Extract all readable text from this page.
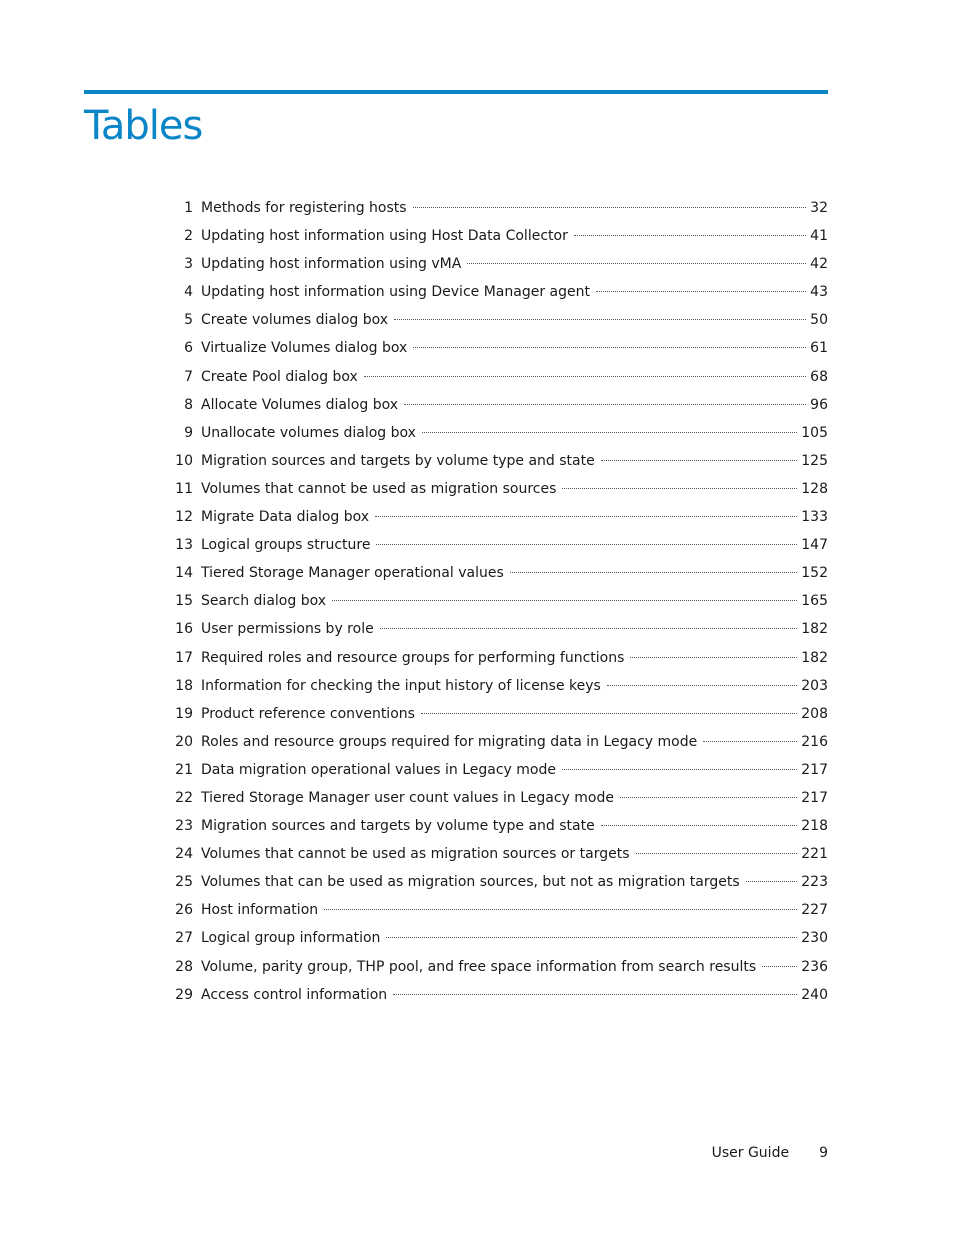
Tables
1 Methods for registering hosts	32
2 Updating host information using Host Data Collector	41
3 Updating host information using vMA	42
4 Updating host information using Device Manager agent	43
5 Create volumes dialog box	50
6 Virtualize Volumes dialog box	61
7 Create Pool dialog box	68
8 Allocate Volumes dialog box	96
9 Unallocate volumes dialog box	105
10 Migration sources and targets by volume type and state	125
11 Volumes that cannot be used as migration sources	128
12 Migrate Data dialog box	133
13 Logical groups structure	147
14 Tiered Storage Manager operational values	152
15 Search dialog box	165
16 User permissions by role	182
17 Required roles and resource groups for performing functions	182
18 Information for checking the input history of license keys	203
19 Product reference conventions	208
20 Roles and resource groups required for migrating data in Legacy mode	216
21 Data migration operational values in Legacy mode	217
22 Tiered Storage Manager user count values in Legacy mode	217
23 Migration sources and targets by volume type and state	218
24 Volumes that cannot be used as migration sources or targets	221
25 Volumes that can be used as migration sources, but not as migration targets	223
26 Host information	227
27 Logical group information	230
28 Volume, parity group, THP pool, and free space information from search results	236
29 Access control information	240
User Guide 9
